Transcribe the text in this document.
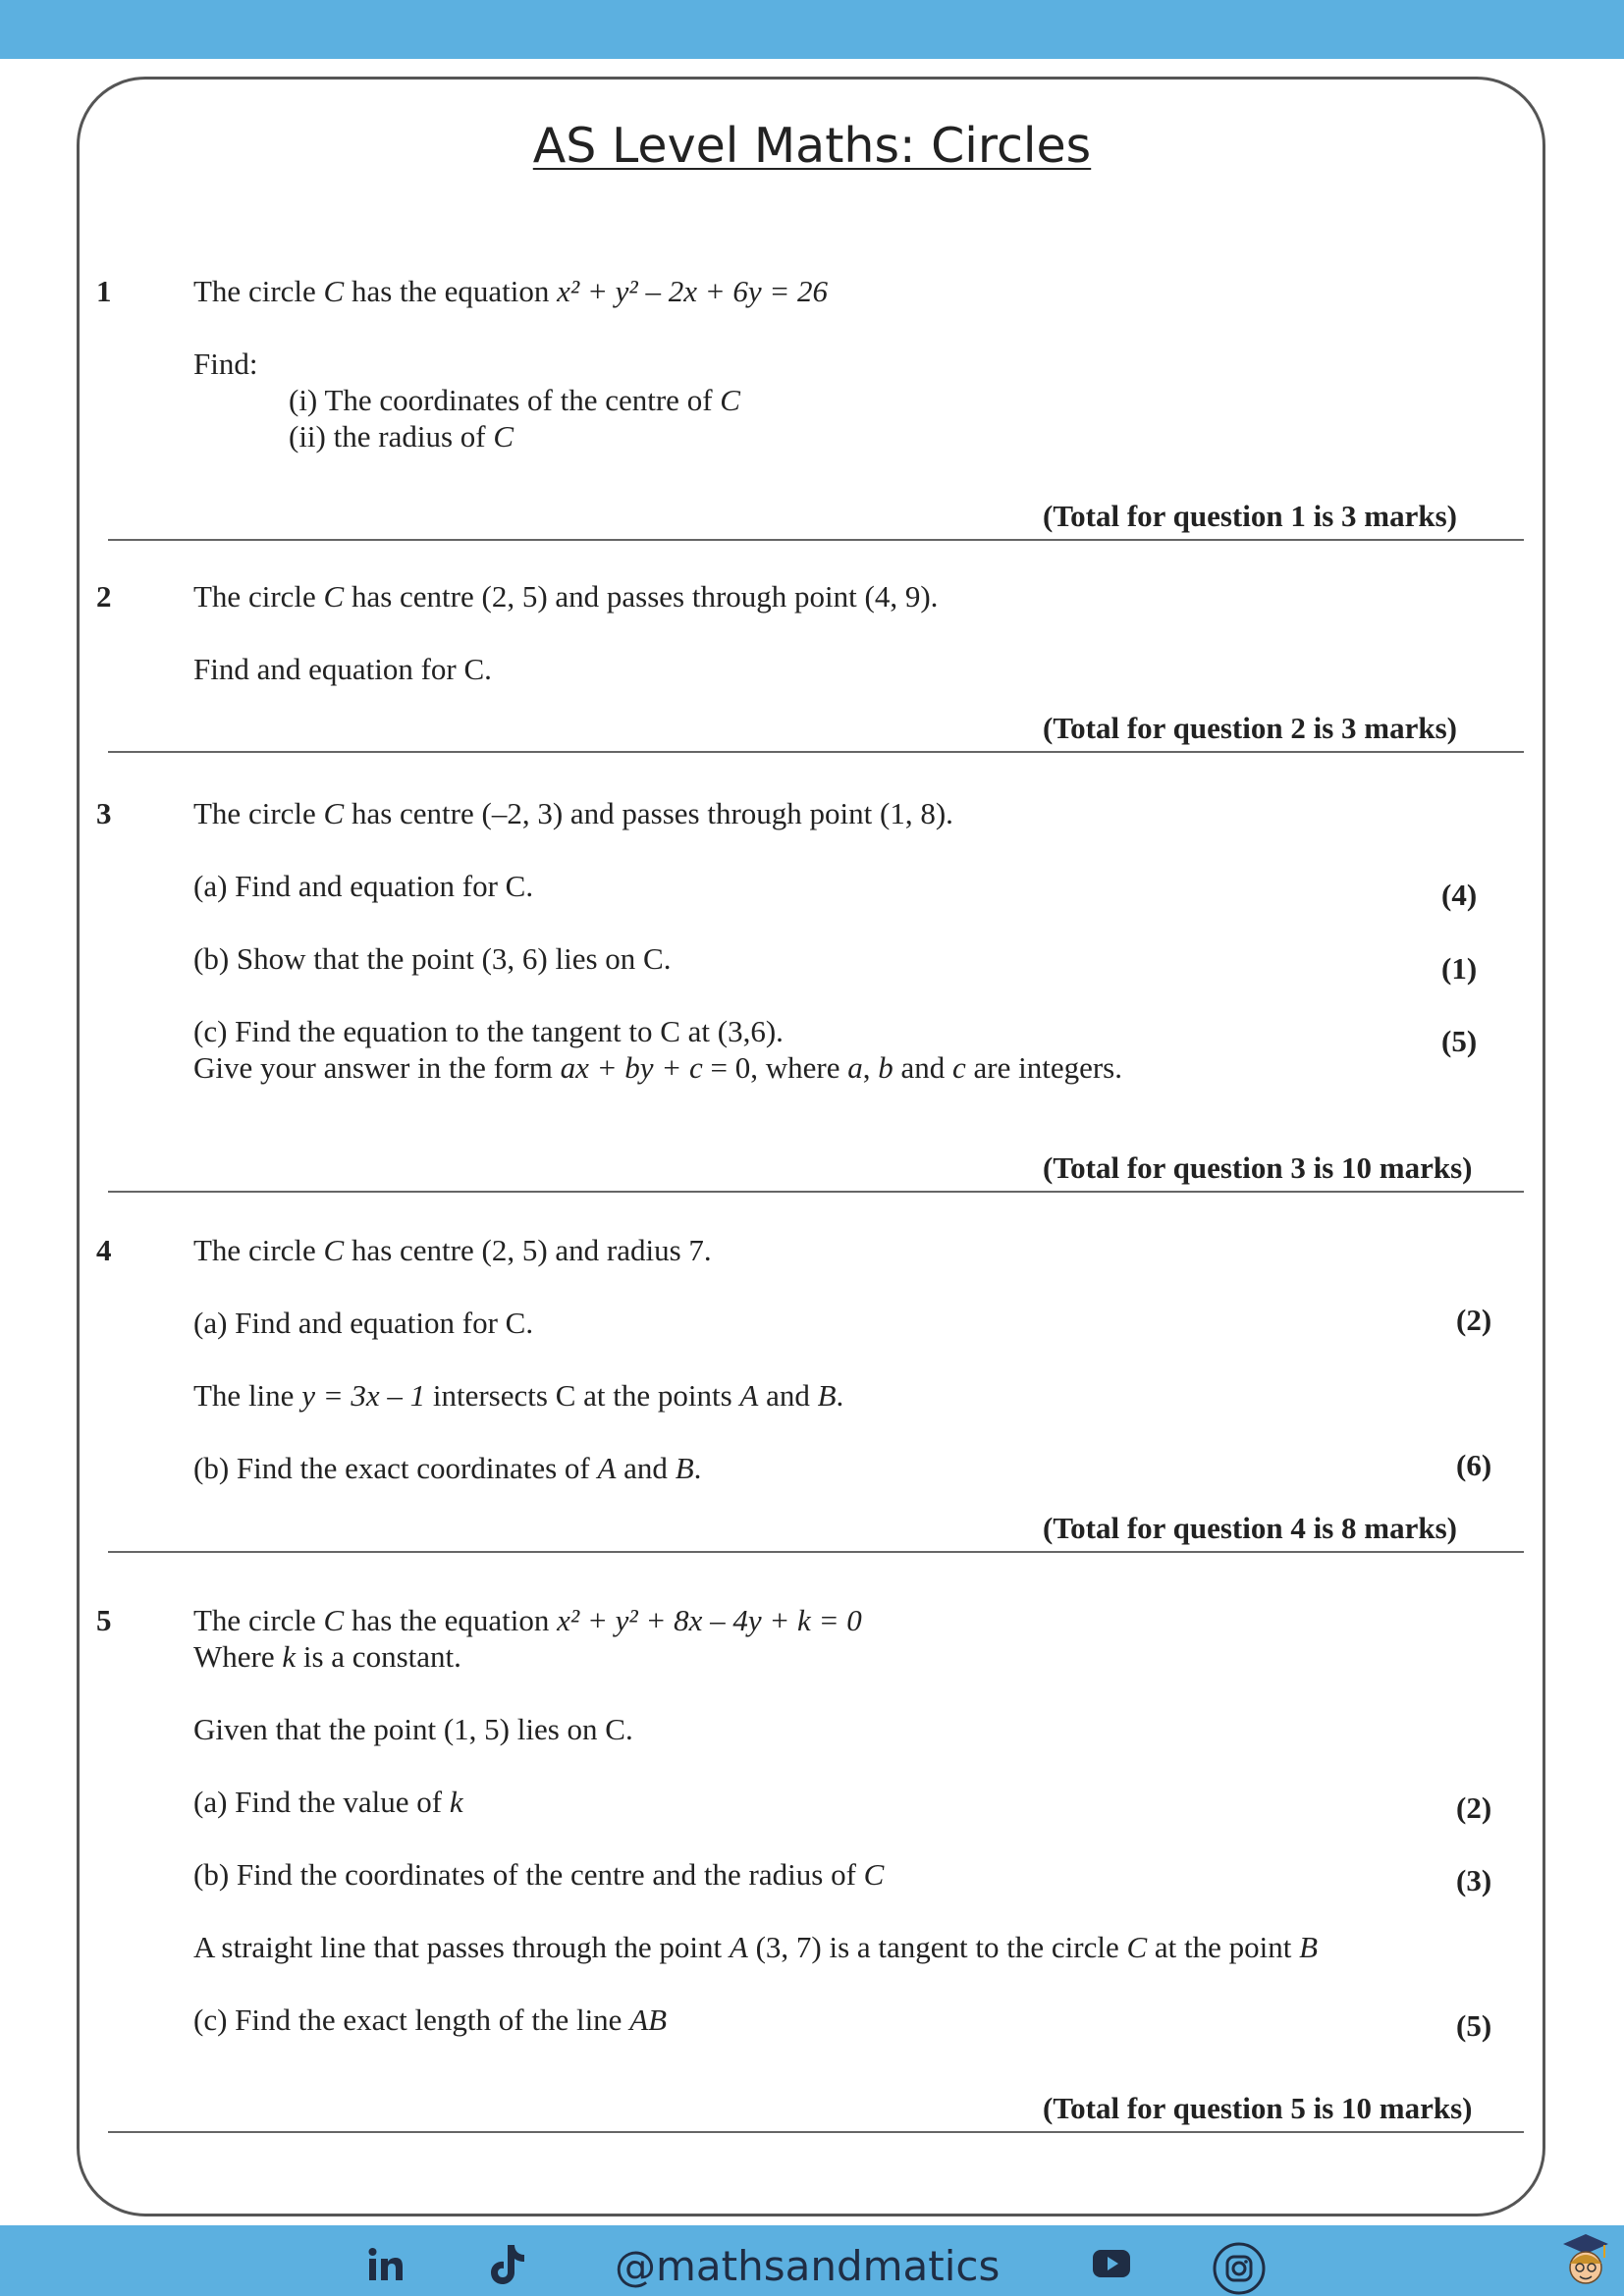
AS Level Maths: Circles
1	The circle C has the equation x² + y² – 2x + 6y = 26
Find:
(i) The coordinates of the centre of C
(ii) the radius of C
(Total for question 1 is 3 marks)
2	The circle C has centre (2, 5) and passes through point (4, 9).
Find and equation for C.
(Total for question 2 is 3 marks)
3	The circle C has centre (–2, 3) and passes through point (1, 8).
(a) Find and equation for C.	(4)
(b) Show that the point (3, 6) lies on C.	(1)
(c) Find the equation to the tangent to C at (3,6).
Give your answer in the form ax + by + c = 0, where a, b and c are integers.
(5)
(Total for question 3 is 10 marks)
4	The circle C has centre (2, 5) and radius 7.
(a) Find and equation for C.	(2)
The line y = 3x – 1 intersects C at the points A and B.
(b) Find the exact coordinates of A and B.	(6)
(Total for question 4 is 8 marks)
5	The circle C has the equation x² + y² + 8x – 4y + k = 0
Where k is a constant.
Given that the point (1, 5) lies on C.
(a) Find the value of k	(2)
(b) Find the coordinates of the centre and the radius of C	(3)
A straight line that passes through the point A (3, 7) is a tangent to the circle C at the point B
(c) Find the exact length of the line AB	(5)
(Total for question 5 is 10 marks)
@mathsandmatics
